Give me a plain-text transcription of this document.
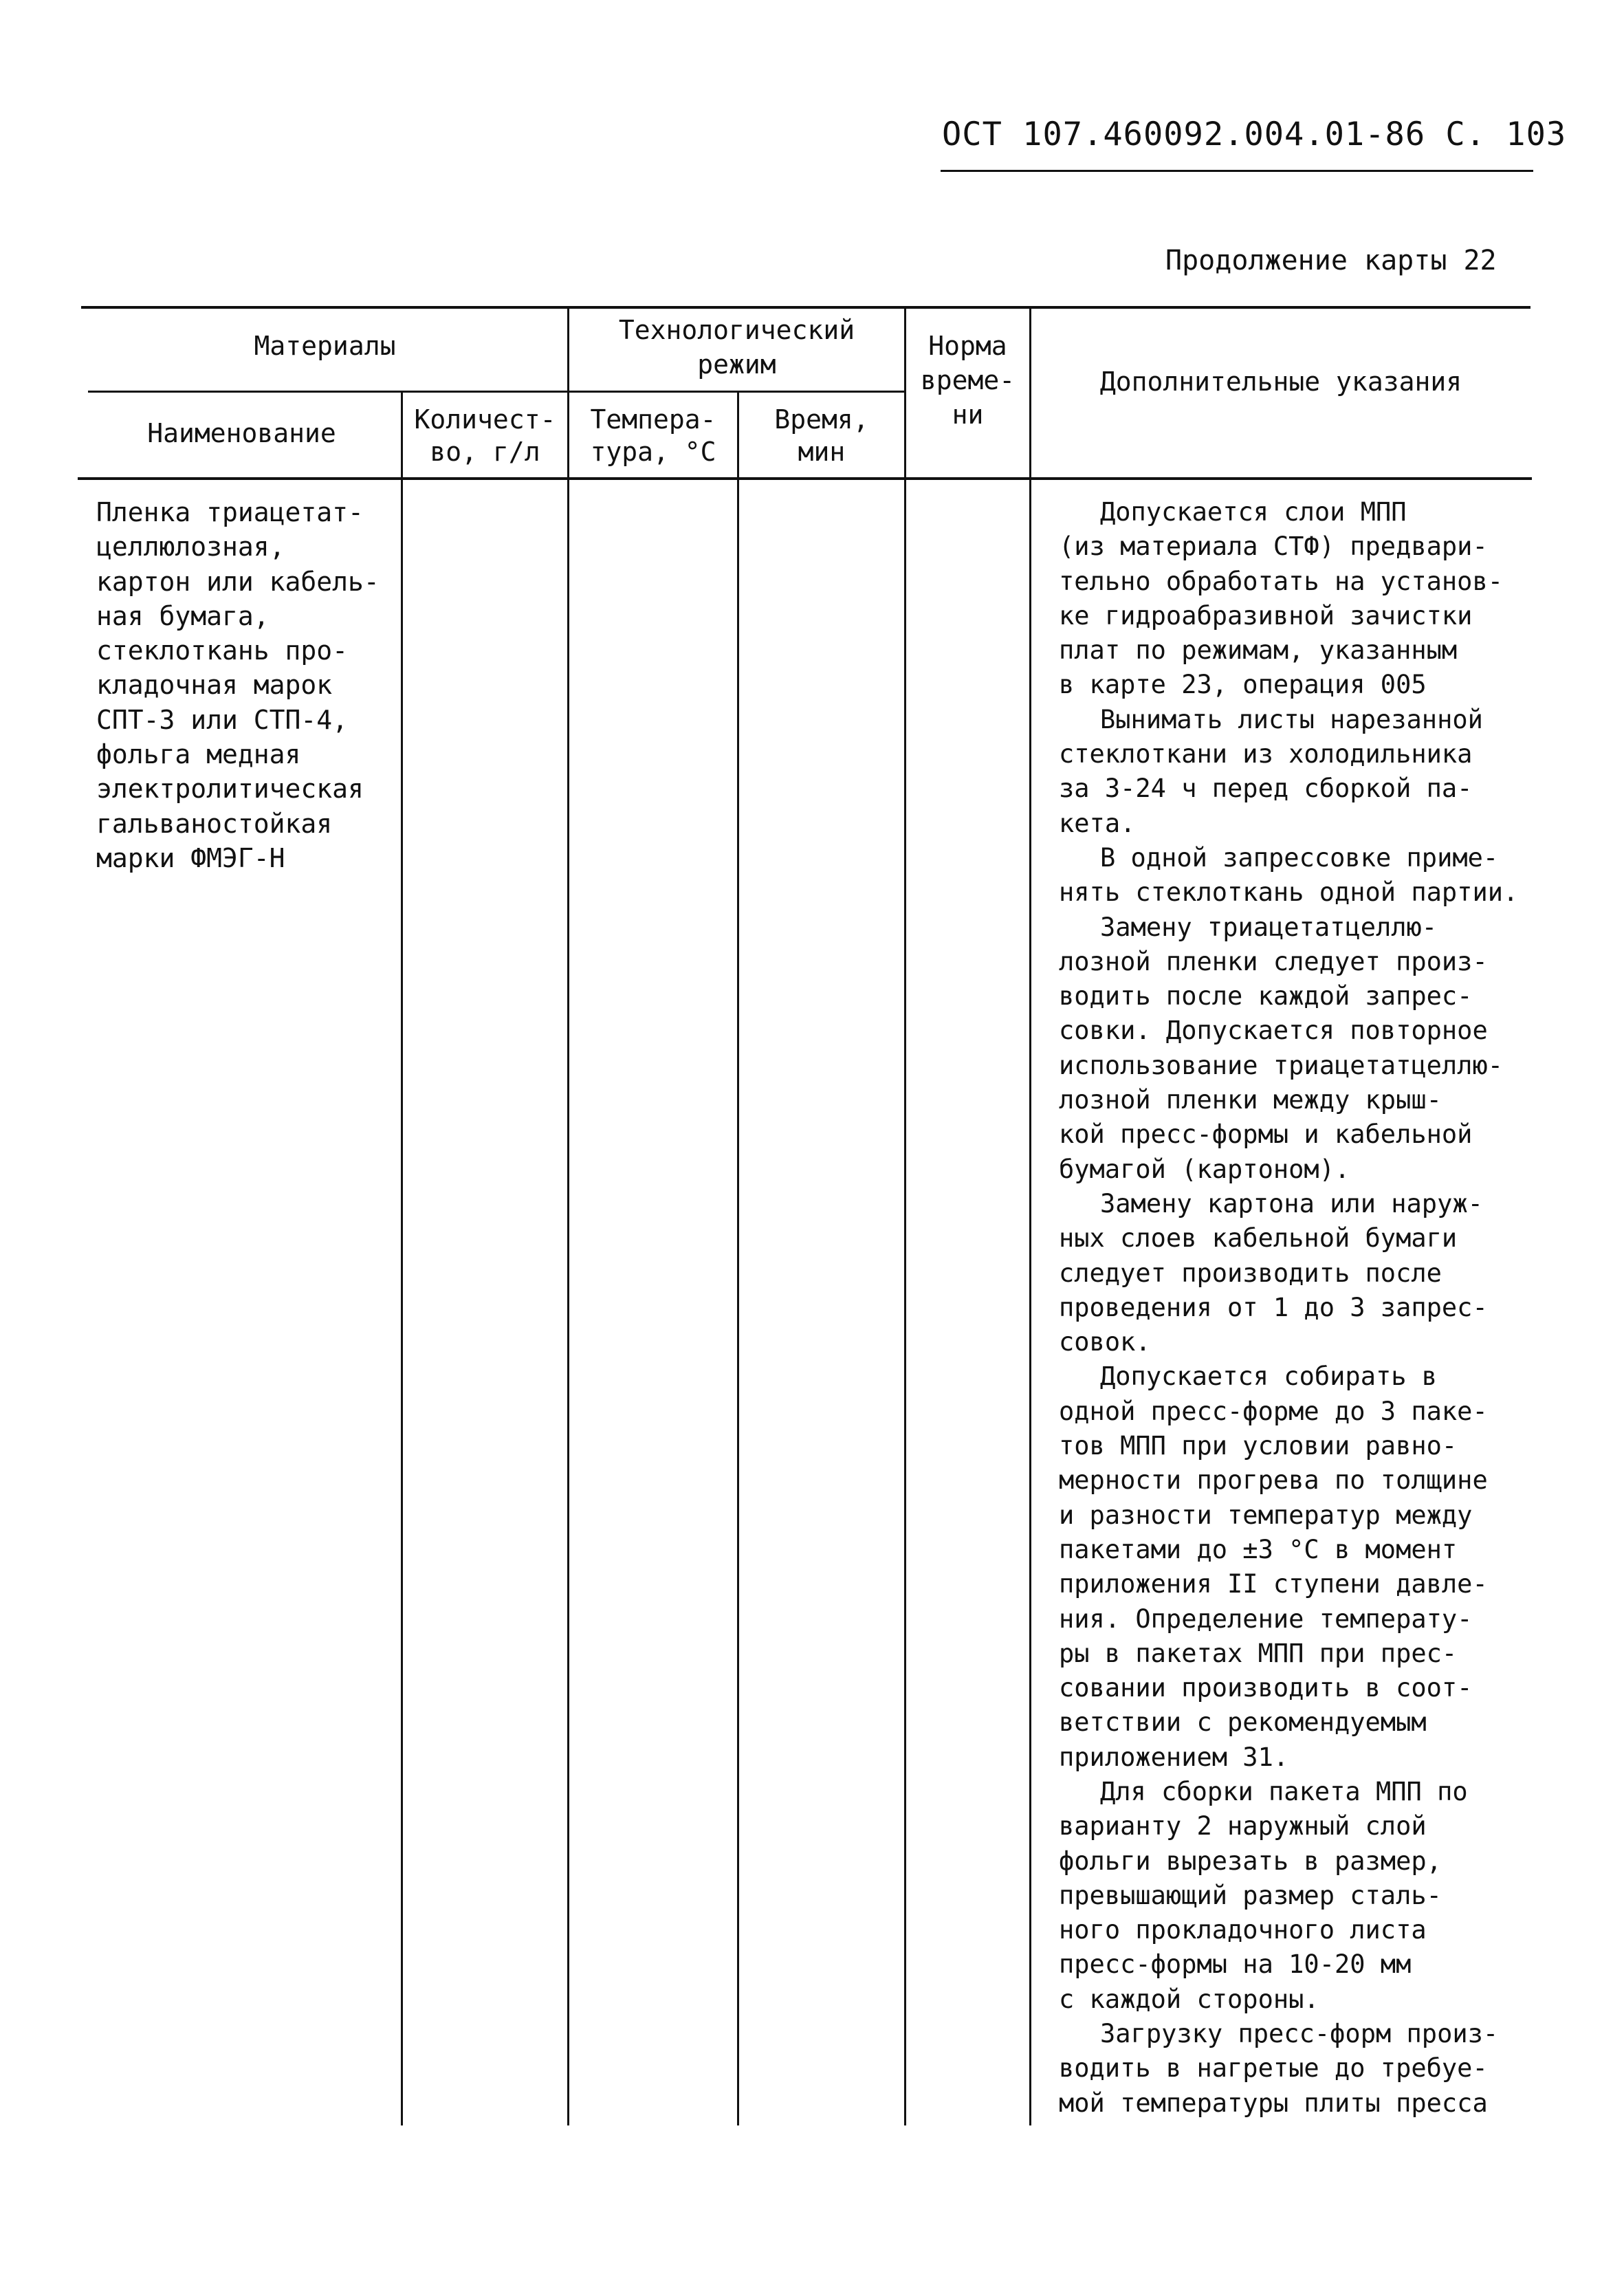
ОСТ 107.460092.004.01-86 С. 103
Продолжение карты 22
Материалы
Наименование	Количест-
во, г/л
Технологический
режим
Темпера-
тура, °С
Время,
мин
Норма
време-
ни
Дополнительные указания
Пленка триацетат-
целлюлозная,
картон или кабель-
ная бумага,
стеклоткань про-
кладочная марок
СПТ-3 или СТП-4,
фольга медная
электролитическая
гальваностойкая
марки ФМЭГ-Н
Допускается слои МПП
(из материала СТФ) предвари-
тельно обработать на установ-
ке гидроабразивной зачистки
плат по режимам, указанным
в карте 23, операция 005
Вынимать листы нарезанной
стеклоткани из холодильника
за 3-24 ч перед сборкой па-
кета.
В одной запрессовке приме-
нять стеклоткань одной партии.
Замену триацетатцеллю-
лозной пленки следует произ-
водить после каждой запрес-
совки. Допускается повторное
использование триацетатцеллю-
лозной пленки между крыш-
кой пресс-формы и кабельной
бумагой (картоном).
Замену картона или наруж-
ных слоев кабельной бумаги
следует производить после
проведения от 1 до 3 запрес-
совок.
Допускается собирать в
одной пресс-форме до 3 паке-
тов МПП при условии равно-
мерности прогрева по толщине
и разности температур между
пакетами до ±3 °С в момент
приложения II ступени давле-
ния. Определение температу-
ры в пакетах МПП при прес-
совании производить в соот-
ветствии с рекомендуемым
приложением 31.
Для сборки пакета МПП по
варианту 2 наружный слой
фольги вырезать в размер,
превышающий размер сталь-
ного прокладочного листа
пресс-формы на 10-20 мм
с каждой стороны.
Загрузку пресс-форм произ-
водить в нагретые до требуе-
мой температуры плиты пресса
